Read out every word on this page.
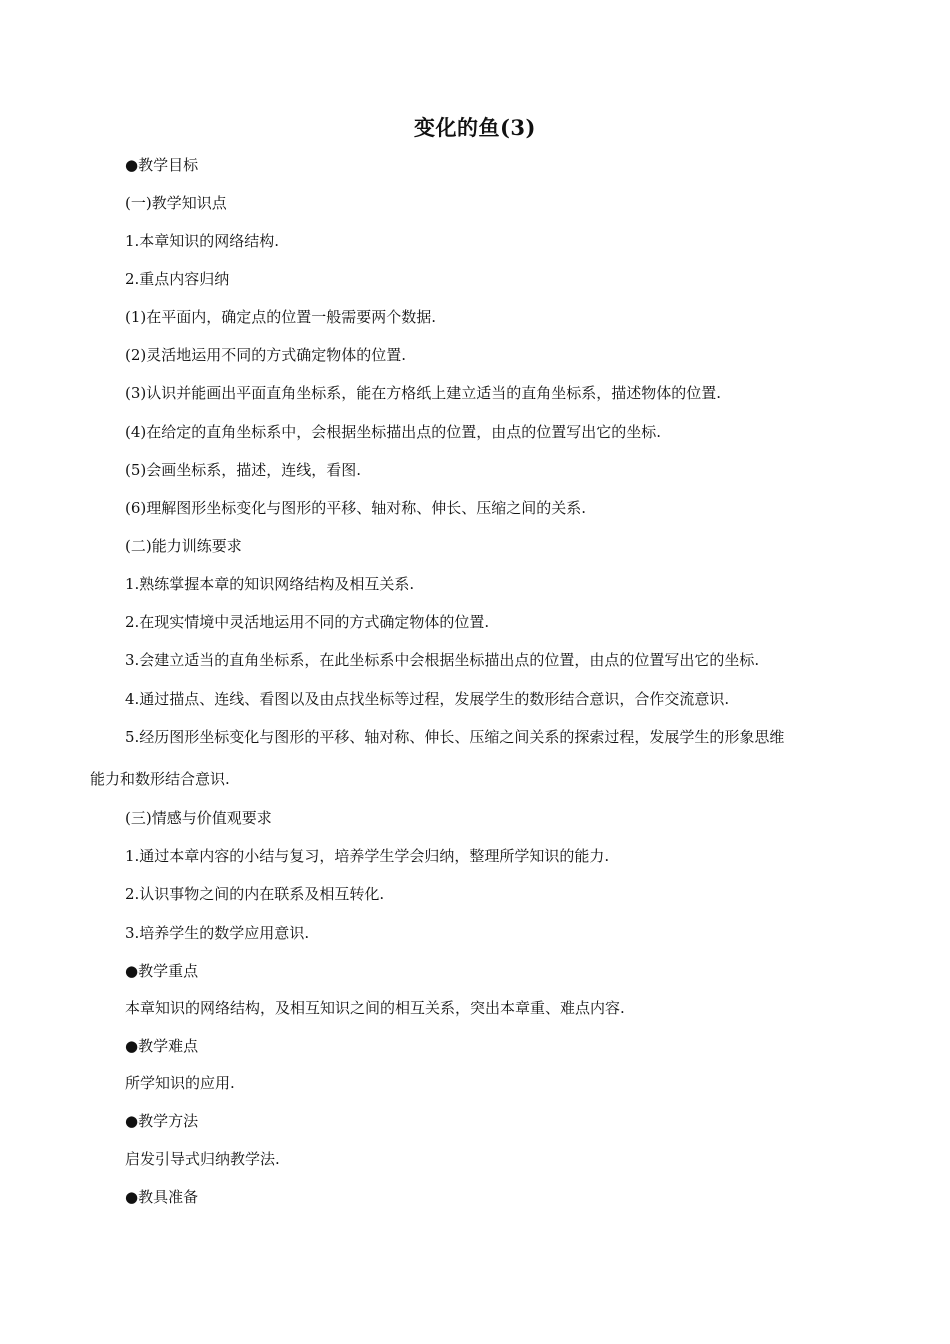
变化的鱼(3)

●教学目标

(一)教学知识点

1.本章知识的网络结构.

2.重点内容归纳

(1)在平面内，确定点的位置一般需要两个数据.

(2)灵活地运用不同的方式确定物体的位置.

(3)认识并能画出平面直角坐标系，能在方格纸上建立适当的直角坐标系，描述物体的位置.

(4)在给定的直角坐标系中，会根据坐标描出点的位置，由点的位置写出它的坐标.

(5)会画坐标系，描述，连线，看图.

(6)理解图形坐标变化与图形的平移、轴对称、伸长、压缩之间的关系.

(二)能力训练要求

1.熟练掌握本章的知识网络结构及相互关系.

2.在现实情境中灵活地运用不同的方式确定物体的位置.

3.会建立适当的直角坐标系，在此坐标系中会根据坐标描出点的位置，由点的位置写出它的坐标.

4.通过描点、连线、看图以及由点找坐标等过程，发展学生的数形结合意识，合作交流意识.

5.经历图形坐标变化与图形的平移、轴对称、伸长、压缩之间关系的探索过程，发展学生的形象思维
能力和数形结合意识.

(三)情感与价值观要求

1.通过本章内容的小结与复习，培养学生学会归纳，整理所学知识的能力.

2.认识事物之间的内在联系及相互转化.

3.培养学生的数学应用意识.

●教学重点

本章知识的网络结构，及相互知识之间的相互关系，突出本章重、难点内容.

●教学难点

所学知识的应用.

●教学方法

启发引导式归纳教学法.

●教具准备
